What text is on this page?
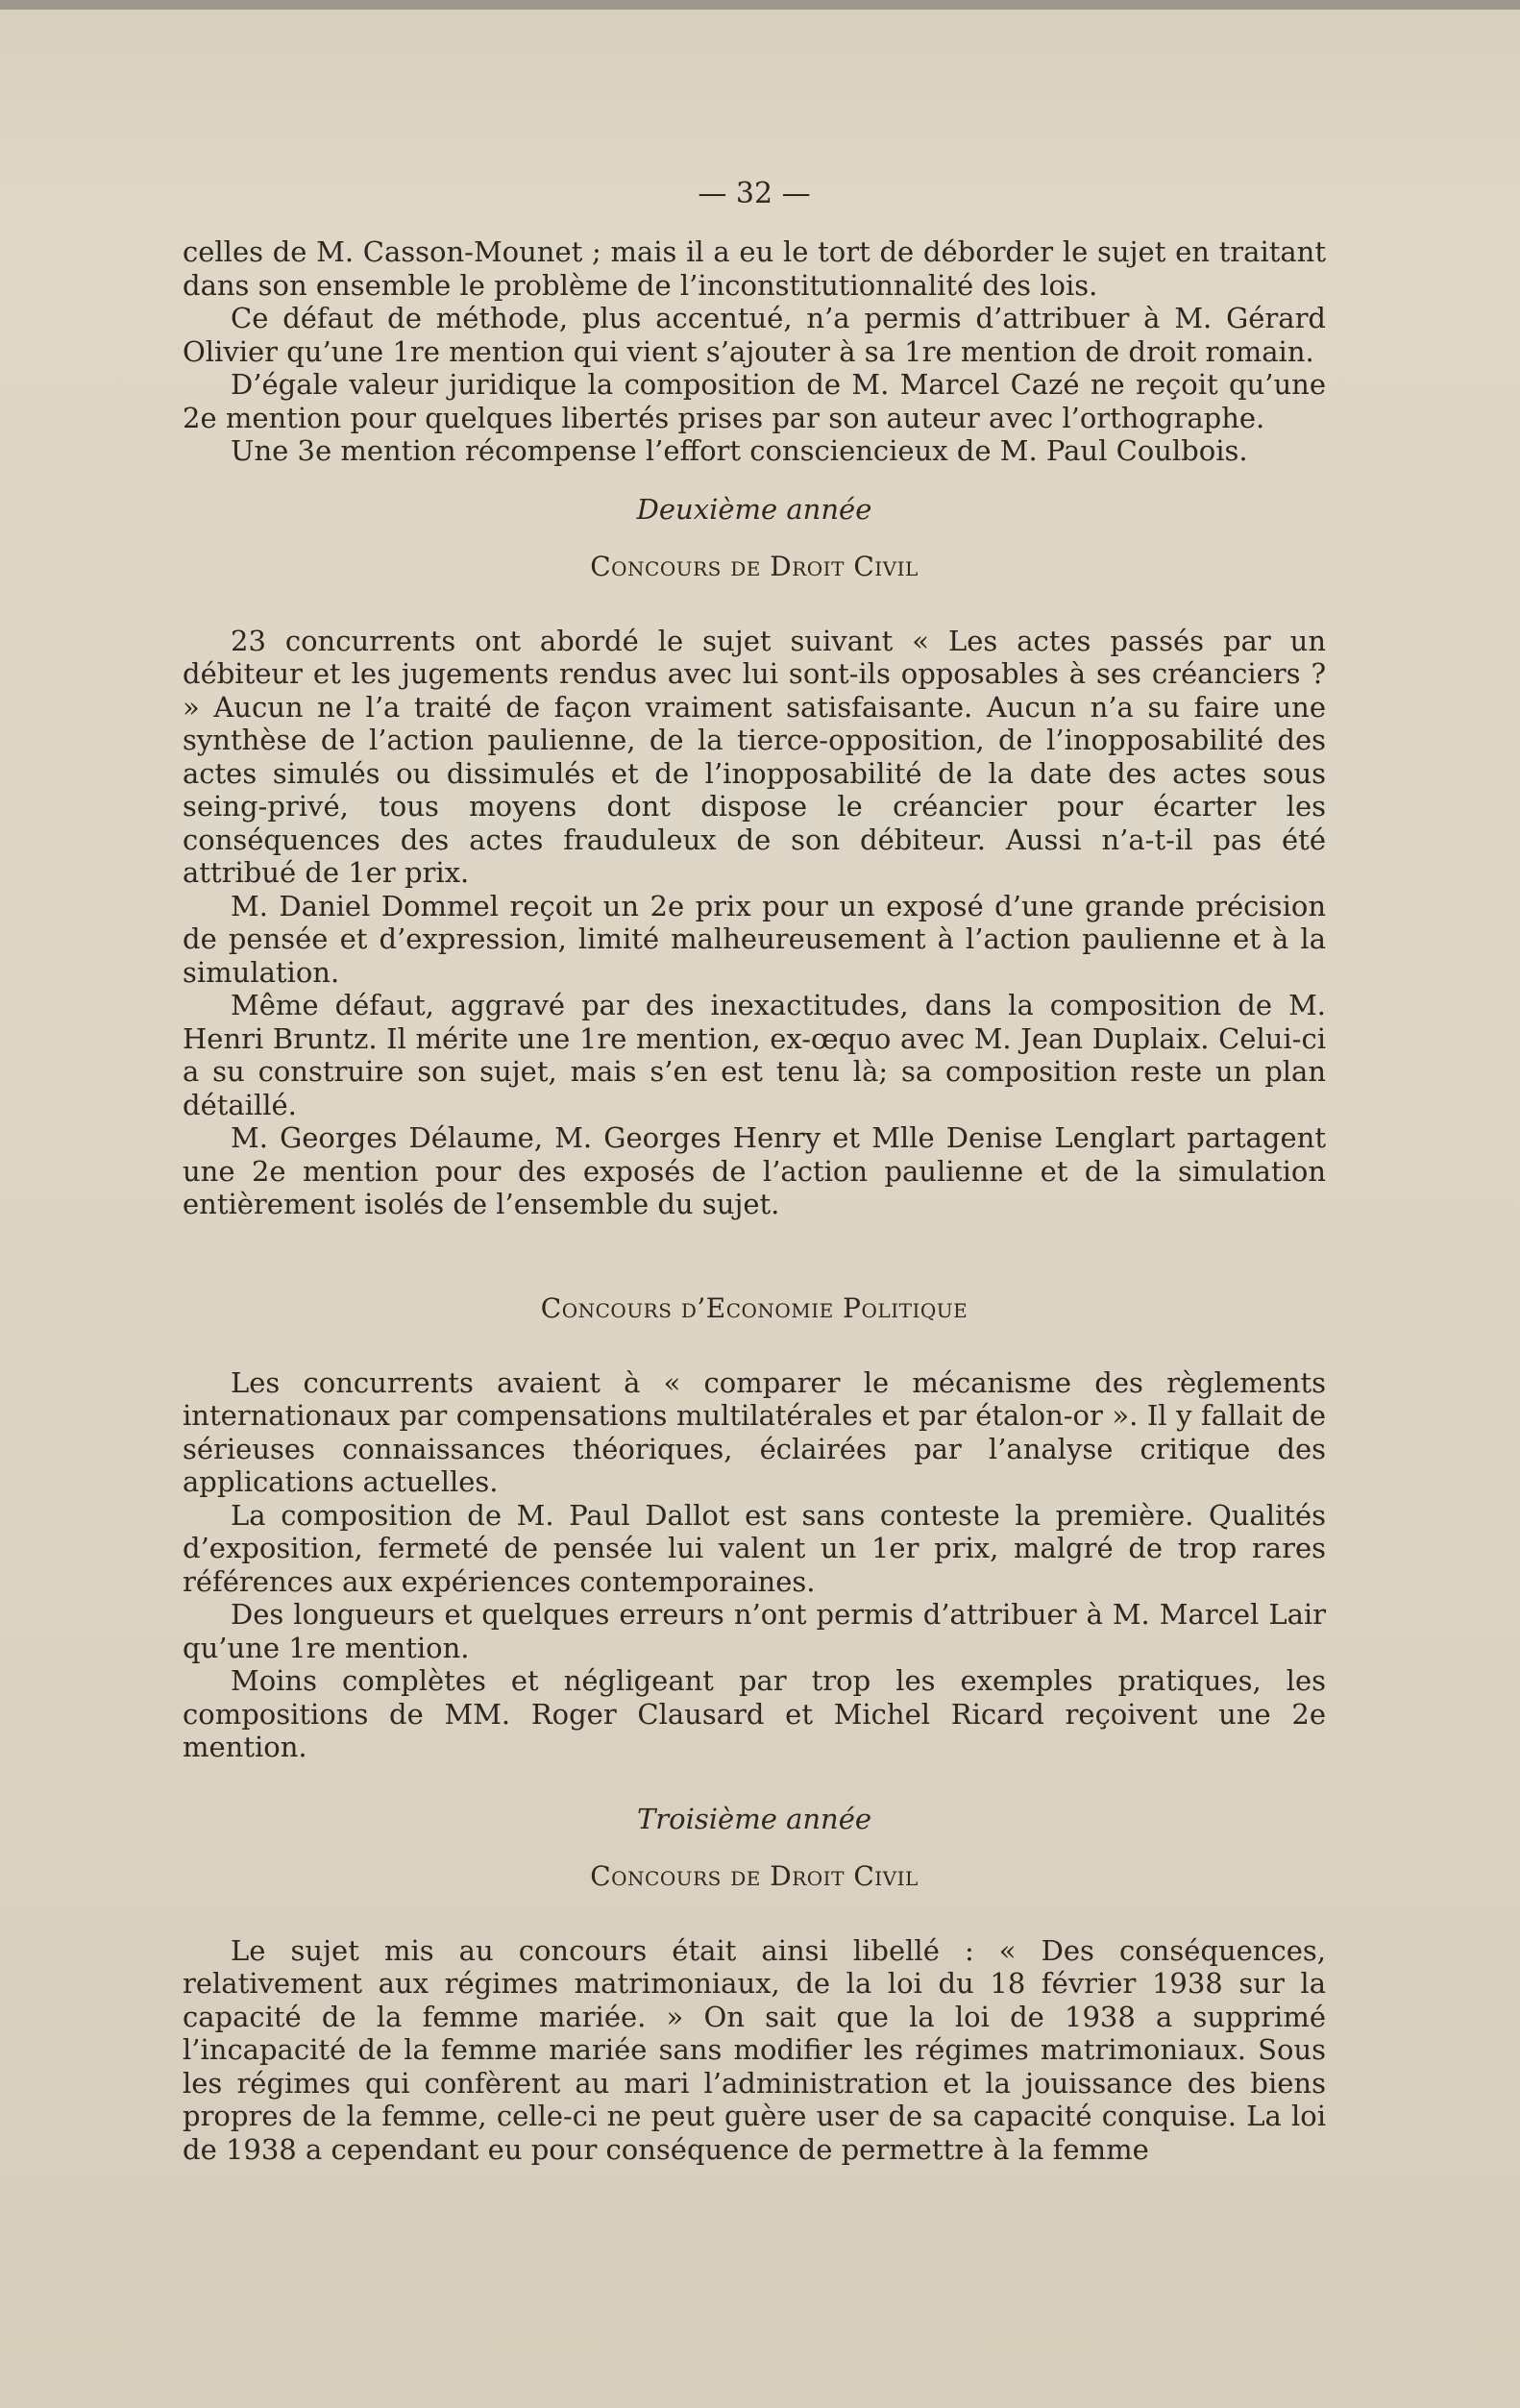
— 32 —

celles de M. Casson-Mounet ; mais il a eu le tort de déborder le sujet en traitant dans son ensemble le problème de l’inconstitutionnalité des lois.

Ce défaut de méthode, plus accentué, n’a permis d’attribuer à M. Gérard Olivier qu’une 1re mention qui vient s’ajouter à sa 1re mention de droit romain.

D’égale valeur juridique la composition de M. Marcel Cazé ne reçoit qu’une 2e mention pour quelques libertés prises par son auteur avec l’orthographe.

Une 3e mention récompense l’effort consciencieux de M. Paul Coulbois.

Deuxième année
Concours de Droit Civil

23 concurrents ont abordé le sujet suivant « Les actes passés par un débiteur et les jugements rendus avec lui sont-ils opposables à ses créanciers ? » Aucun ne l’a traité de façon vraiment satisfaisante. Aucun n’a su faire une synthèse de l’action paulienne, de la tierce-opposition, de l’inopposabilité des actes simulés ou dissimulés et de l’inopposabilité de la date des actes sous seing-privé, tous moyens dont dispose le créancier pour écarter les conséquences des actes frauduleux de son débiteur. Aussi n’a-t-il pas été attribué de 1er prix.

M. Daniel Dommel reçoit un 2e prix pour un exposé d’une grande précision de pensée et d’expression, limité malheureusement à l’action paulienne et à la simulation.

Même défaut, aggravé par des inexactitudes, dans la composition de M. Henri Bruntz. Il mérite une 1re mention, ex-œquo avec M. Jean Duplaix. Celui-ci a su construire son sujet, mais s’en est tenu là; sa composition reste un plan détaillé.

M. Georges Délaume, M. Georges Henry et Mlle Denise Lenglart partagent une 2e mention pour des exposés de l’action paulienne et de la simulation entièrement isolés de l’ensemble du sujet.

Concours d’Economie Politique

Les concurrents avaient à « comparer le mécanisme des règlements internationaux par compensations multilatérales et par étalon-or ». Il y fallait de sérieuses connaissances théoriques, éclairées par l’analyse critique des applications actuelles.

La composition de M. Paul Dallot est sans conteste la première. Qualités d’exposition, fermeté de pensée lui valent un 1er prix, malgré de trop rares références aux expériences contemporaines.

Des longueurs et quelques erreurs n’ont permis d’attribuer à M. Marcel Lair qu’une 1re mention.

Moins complètes et négligeant par trop les exemples pratiques, les compositions de MM. Roger Clausard et Michel Ricard reçoivent une 2e mention.

Troisième année
Concours de Droit Civil

Le sujet mis au concours était ainsi libellé : « Des conséquences, relativement aux régimes matrimoniaux, de la loi du 18 février 1938 sur la capacité de la femme mariée. » On sait que la loi de 1938 a supprimé l’incapacité de la femme mariée sans modifier les régimes matrimoniaux. Sous les régimes qui confèrent au mari l’administration et la jouissance des biens propres de la femme, celle-ci ne peut guère user de sa capacité conquise. La loi de 1938 a cependant eu pour conséquence de permettre à la femme
